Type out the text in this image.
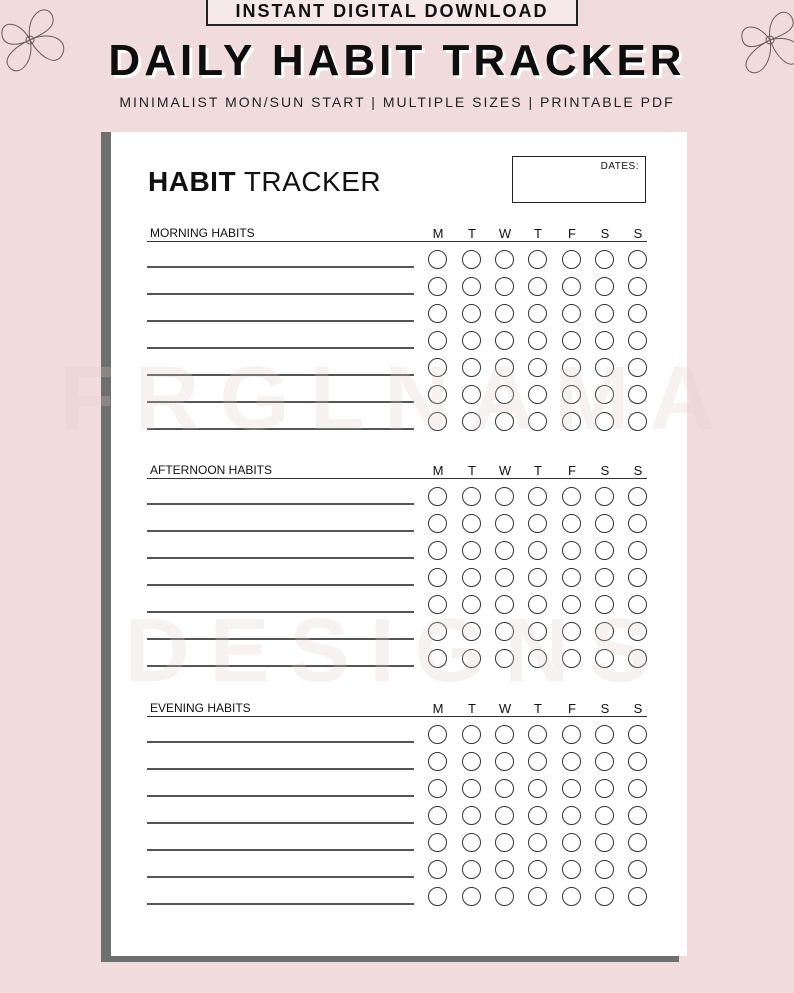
INSTANT DIGITAL DOWNLOAD
DAILY HABIT TRACKER
MINIMALIST MON/SUN START | MULTIPLE SIZES | PRINTABLE PDF
HABIT TRACKER	DATES:
MORNING HABITS	M	T	W	T	F	S	S
AFTERNOON HABITS	M	T	W	T	F	S	S
EVENING HABITS	M	T	W	T	F	S	S
FRGLNAMA
DESIGNS
